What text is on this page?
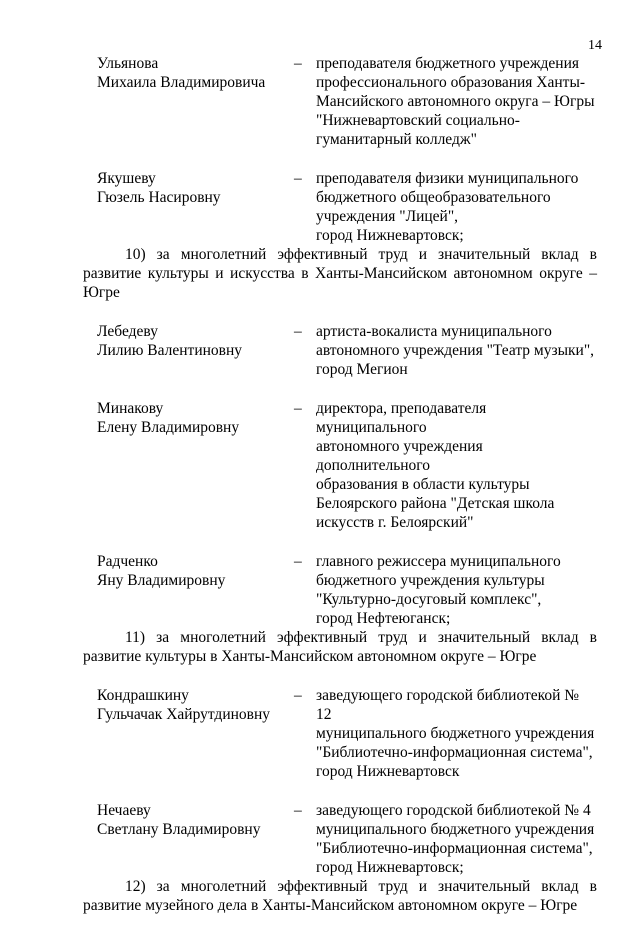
14
Ульянова
Михаила Владимировича
– преподавателя бюджетного учреждения
профессионального образования Ханты-
Мансийского автономного округа – Югры
"Нижневартовский социально-
гуманитарный колледж"
Якушеву
Гюзель Насировну
– преподавателя физики муниципального
бюджетного общеобразовательного
учреждения "Лицей",
город Нижневартовск;

10) за многолетний эффективный труд и значительный вклад в развитие культуры и искусства в Ханты-Мансийском автономном округе – Югре

Лебедеву
Лилию Валентиновну
– артиста-вокалиста муниципального
автономного учреждения "Театр музыки",
город Мегион
Минакову
Елену Владимировну
– директора, преподавателя муниципального
автономного учреждения дополнительного
образования в области культуры
Белоярского района "Детская школа
искусств г. Белоярский"
Радченко
Яну Владимировну
– главного режиссера муниципального
бюджетного учреждения культуры
"Культурно-досуговый комплекс",
город Нефтеюганск;

11) за многолетний эффективный труд и значительный вклад в развитие культуры в Ханты-Мансийском автономном округе – Югре

Кондрашкину
Гульчачак Хайрутдиновну
– заведующего городской библиотекой № 12
муниципального бюджетного учреждения
"Библиотечно-информационная система",
город Нижневартовск
Нечаеву
Светлану Владимировну
– заведующего городской библиотекой № 4
муниципального бюджетного учреждения
"Библиотечно-информационная система",
город Нижневартовск;

12) за многолетний эффективный труд и значительный вклад в развитие музейного дела в Ханты-Мансийском автономном округе – Югре
